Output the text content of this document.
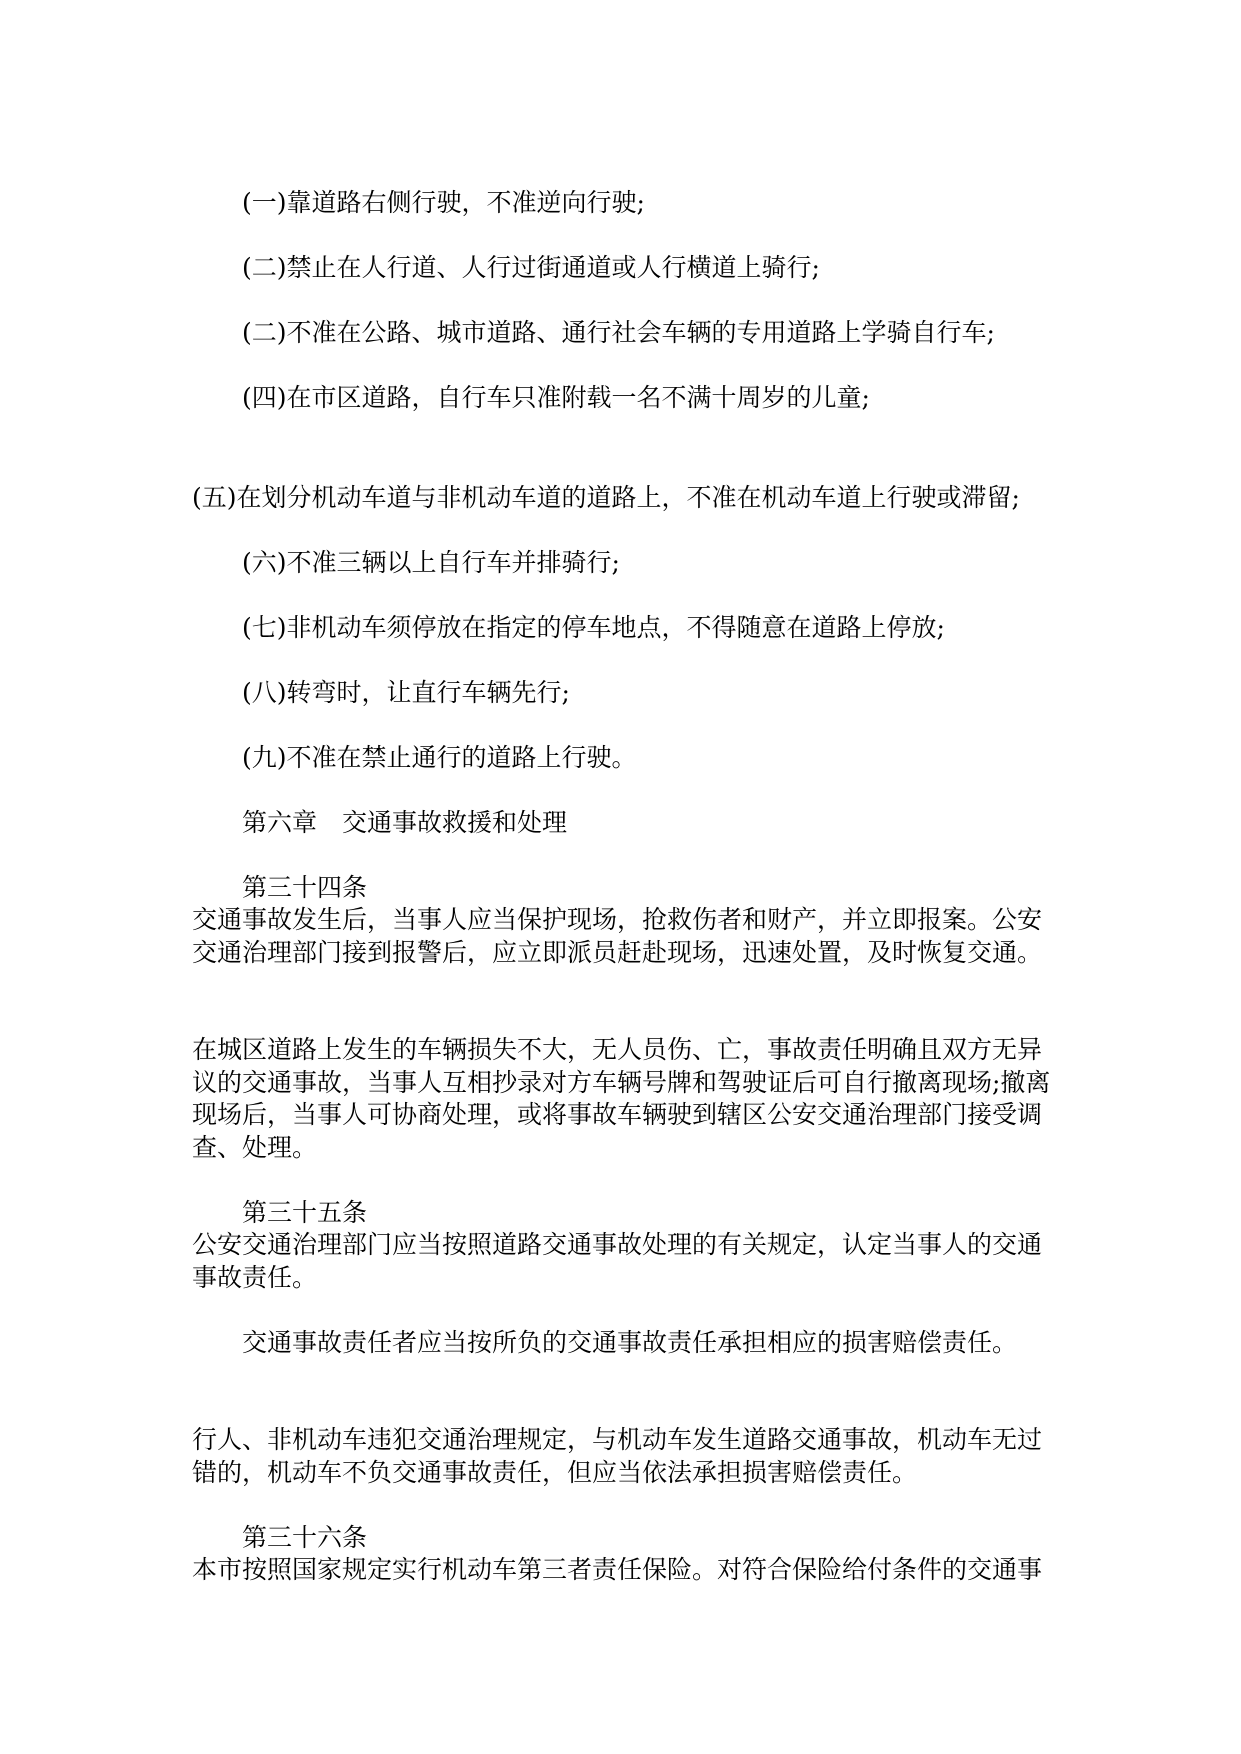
(一)靠道路右侧行驶，不准逆向行驶;

(二)禁止在人行道、人行过街通道或人行横道上骑行;

(二)不准在公路、城市道路、通行社会车辆的专用道路上学骑自行车;

(四)在市区道路，自行车只准附载一名不满十周岁的儿童;

(五)在划分机动车道与非机动车道的道路上，不准在机动车道上行驶或滞留;

(六)不准三辆以上自行车并排骑行;

(七)非机动车须停放在指定的停车地点，不得随意在道路上停放;

(八)转弯时，让直行车辆先行;

(九)不准在禁止通行的道路上行驶。

第六章　交通事故救援和处理

第三十四条

交通事故发生后，当事人应当保护现场，抢救伤者和财产，并立即报案。公安

交通治理部门接到报警后，应立即派员赶赴现场，迅速处置，及时恢复交通。

在城区道路上发生的车辆损失不大，无人员伤、亡，事故责任明确且双方无异

议的交通事故，当事人互相抄录对方车辆号牌和驾驶证后可自行撤离现场;撤离

现场后，当事人可协商处理，或将事故车辆驶到辖区公安交通治理部门接受调

查、处理。

第三十五条

公安交通治理部门应当按照道路交通事故处理的有关规定，认定当事人的交通

事故责任。

交通事故责任者应当按所负的交通事故责任承担相应的损害赔偿责任。

行人、非机动车违犯交通治理规定，与机动车发生道路交通事故，机动车无过

错的，机动车不负交通事故责任，但应当依法承担损害赔偿责任。

第三十六条

本市按照国家规定实行机动车第三者责任保险。对符合保险给付条件的交通事
